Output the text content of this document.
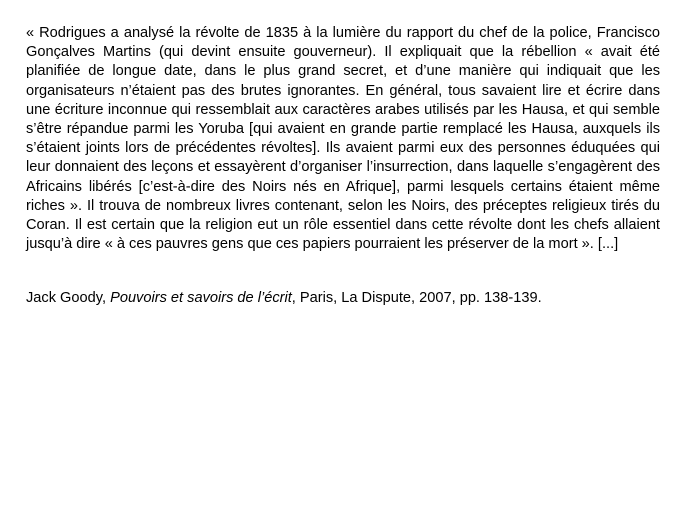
« Rodrigues a analysé la révolte de 1835 à la lumière du rapport du chef de la police, Francisco Gonçalves Martins (qui devint ensuite gouverneur). Il expliquait que la rébellion « avait été planifiée de longue date, dans le plus grand secret, et d’une manière qui indiquait que les organisateurs n’étaient pas des brutes ignorantes. En général, tous savaient lire et écrire dans une écriture inconnue qui ressemblait aux caractères arabes utilisés par les Hausa, et qui semble s’être répandue parmi les Yoruba [qui avaient en grande partie remplacé les Hausa, auxquels ils s’étaient joints lors de précédentes révoltes]. Ils avaient parmi eux des personnes éduquées qui leur donnaient des leçons et essayèrent d’organiser l’insurrection, dans laquelle s’engagèrent des Africains libérés [c’est-à-dire des Noirs nés en Afrique], parmi lesquels certains étaient même riches ». Il trouva de nombreux livres contenant, selon les Noirs, des préceptes religieux tirés du Coran. Il est certain que la religion eut un rôle essentiel dans cette révolte dont les chefs allaient jusqu’à dire « à ces pauvres gens que ces papiers pourraient les préserver de la mort ». [...]

Jack Goody, Pouvoirs et savoirs de l’écrit, Paris, La Dispute, 2007, pp. 138-139.
